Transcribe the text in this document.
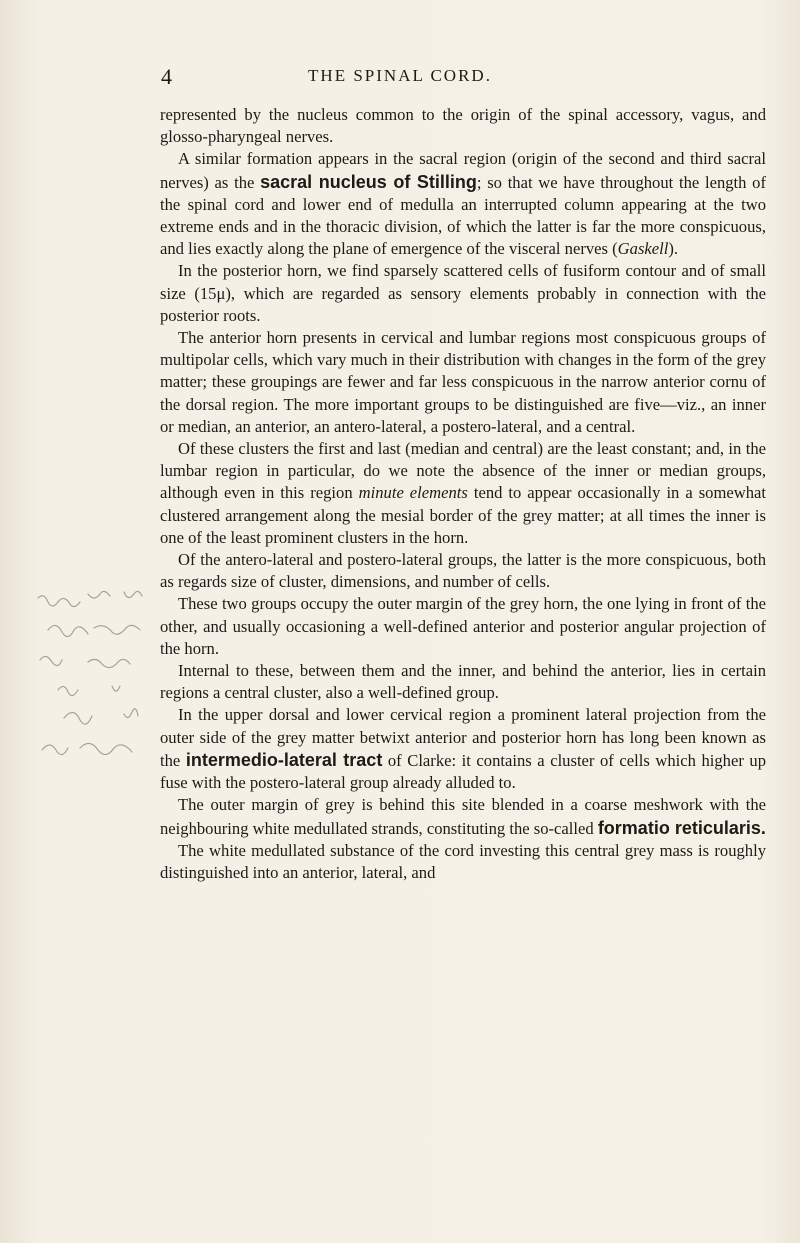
4	THE SPINAL CORD.

represented by the nucleus common to the origin of the spinal accessory, vagus, and glosso-pharyngeal nerves.

A similar formation appears in the sacral region (origin of the second and third sacral nerves) as the sacral nucleus of Stilling; so that we have throughout the length of the spinal cord and lower end of medulla an interrupted column appearing at the two extreme ends and in the thoracic division, of which the latter is far the more conspicuous, and lies exactly along the plane of emergence of the visceral nerves (Gaskell).

In the posterior horn, we find sparsely scattered cells of fusiform contour and of small size (15μ), which are regarded as sensory elements probably in connection with the posterior roots.

The anterior horn presents in cervical and lumbar regions most conspicuous groups of multipolar cells, which vary much in their distribution with changes in the form of the grey matter; these groupings are fewer and far less conspicuous in the narrow anterior cornu of the dorsal region. The more important groups to be distinguished are five—viz., an inner or median, an anterior, an antero-lateral, a postero-lateral, and a central.

Of these clusters the first and last (median and central) are the least constant; and, in the lumbar region in particular, do we note the absence of the inner or median groups, although even in this region minute elements tend to appear occasionally in a somewhat clustered arrangement along the mesial border of the grey matter; at all times the inner is one of the least prominent clusters in the horn.

Of the antero-lateral and postero-lateral groups, the latter is the more conspicuous, both as regards size of cluster, dimensions, and number of cells.

These two groups occupy the outer margin of the grey horn, the one lying in front of the other, and usually occasioning a well-defined anterior and posterior angular projection of the horn.

Internal to these, between them and the inner, and behind the anterior, lies in certain regions a central cluster, also a well-defined group.

In the upper dorsal and lower cervical region a prominent lateral projection from the outer side of the grey matter betwixt anterior and posterior horn has long been known as the intermedio-lateral tract of Clarke: it contains a cluster of cells which higher up fuse with the postero-lateral group already alluded to.

The outer margin of grey is behind this site blended in a coarse meshwork with the neighbouring white medullated strands, constituting the so-called formatio reticularis.

The white medullated substance of the cord investing this central grey mass is roughly distinguished into an anterior, lateral, and
